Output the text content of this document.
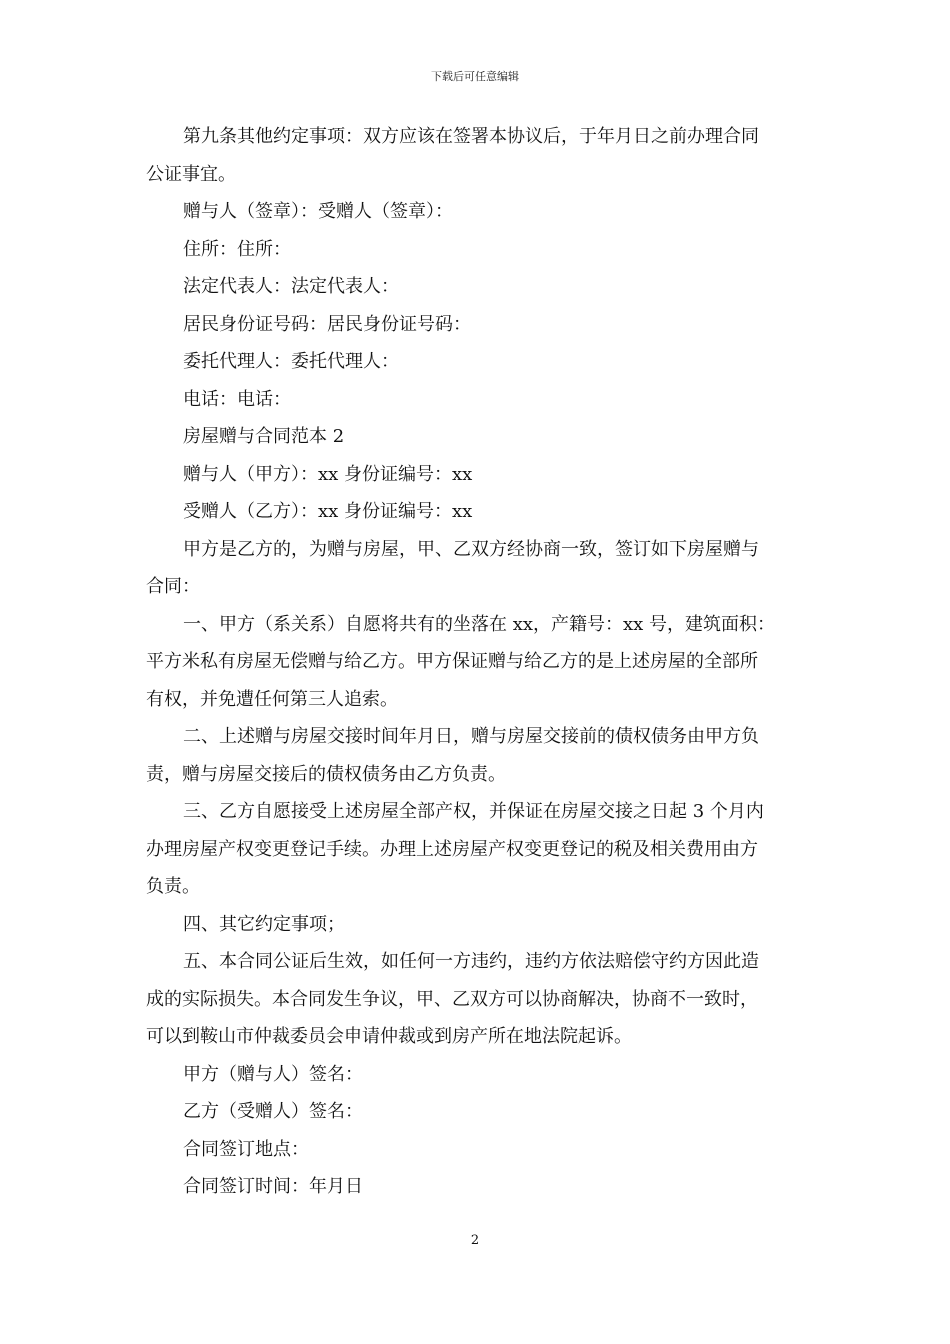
下载后可任意编辑
第九条其他约定事项：双方应该在签署本协议后，于年月日之前办理合同
公证事宜。
赠与人（签章）：受赠人（签章）：
住所：住所：
法定代表人：法定代表人：
居民身份证号码：居民身份证号码：
委托代理人：委托代理人：
电话：电话：
房屋赠与合同范本 2
赠与人（甲方）：xx 身份证编号：xx
受赠人（乙方）：xx 身份证编号：xx
甲方是乙方的，为赠与房屋，甲、乙双方经协商一致，签订如下房屋赠与
合同：
一、甲方（系关系）自愿将共有的坐落在 xx，产籍号：xx 号，建筑面积：
平方米私有房屋无偿赠与给乙方。甲方保证赠与给乙方的是上述房屋的全部所
有权，并免遭任何第三人追索。
二、上述赠与房屋交接时间年月日，赠与房屋交接前的债权债务由甲方负
责，赠与房屋交接后的债权债务由乙方负责。
三、乙方自愿接受上述房屋全部产权，并保证在房屋交接之日起 3 个月内
办理房屋产权变更登记手续。办理上述房屋产权变更登记的税及相关费用由方
负责。
四、其它约定事项；
五、本合同公证后生效，如任何一方违约，违约方依法赔偿守约方因此造
成的实际损失。本合同发生争议，甲、乙双方可以协商解决，协商不一致时，
可以到鞍山市仲裁委员会申请仲裁或到房产所在地法院起诉。
甲方（赠与人）签名：
乙方（受赠人）签名：
合同签订地点：
合同签订时间：年月日
2
